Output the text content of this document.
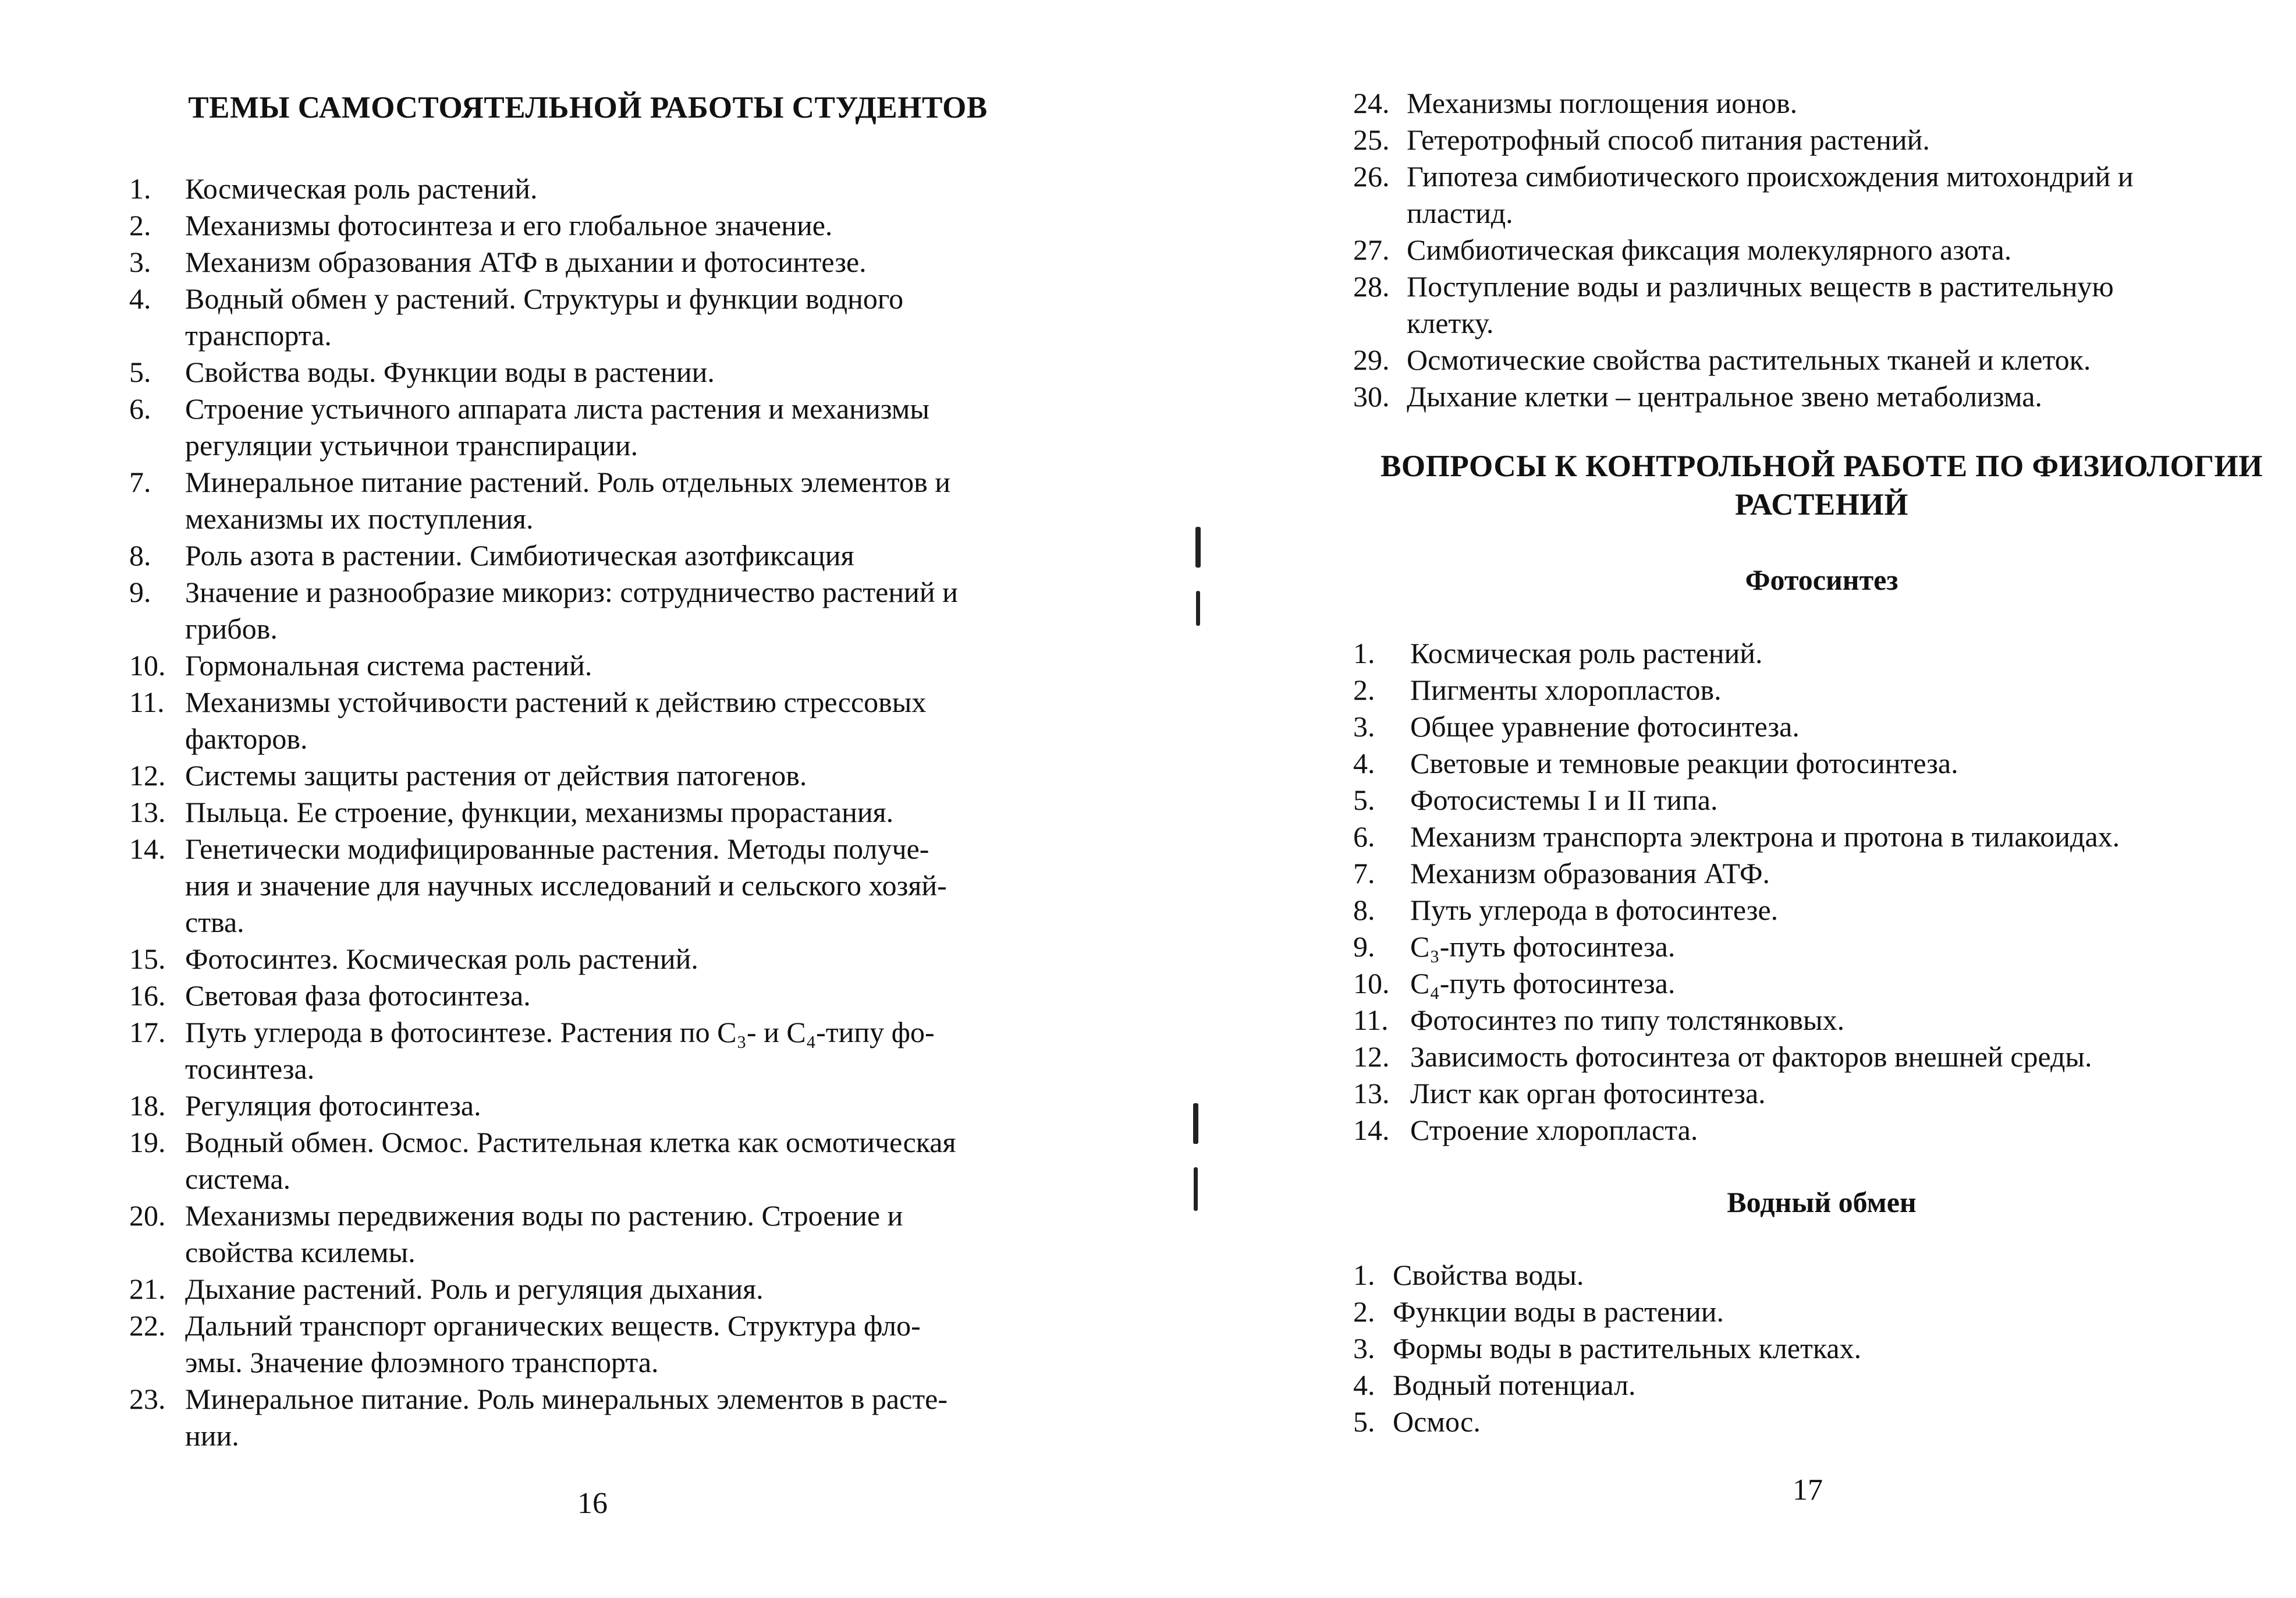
ТЕМЫ САМОСТОЯТЕЛЬНОЙ РАБОТЫ СТУДЕНТОВ
1. Космическая роль растений.
2. Механизмы фотосинтеза и его глобальное значение.
3. Механизм образования АТФ в дыхании и фотосинтезе.
4. Водный обмен у растений. Структуры и функции водного
транспорта.
5. Свойства воды. Функции воды в растении.
6. Строение устьичного аппарата листа растения и механизмы
регуляции устьичнои транспирации.
7. Минеральное питание растений. Роль отдельных элементов и
механизмы их поступления.
8. Роль азота в растении. Симбиотическая азотфиксация
9. Значение и разнообразие микориз: сотрудничество растений и
грибов.
10. Гормональная система растений.
11. Механизмы устойчивости растений к действию стрессовых
факторов.
12. Системы защиты растения от действия патогенов.
13. Пыльца. Ее строение, функции, механизмы прорастания.
14. Генетически модифицированные растения. Методы получе-
ния и значение для научных исследований и сельского хозяй-
ства.
15. Фотосинтез. Космическая роль растений.
16. Световая фаза фотосинтеза.
17. Путь углерода в фотосинтезе. Растения по C₃- и C₄-типу фо-
тосинтеза.
18. Регуляция фотосинтеза.
19. Водный обмен. Осмос. Растительная клетка как осмотическая
система.
20. Механизмы передвижения воды по растению. Строение и
свойства ксилемы.
21. Дыхание растений. Роль и регуляция дыхания.
22. Дальний транспорт органических веществ. Структура фло-
эмы. Значение флоэмного транспорта.
23. Минеральное питание. Роль минеральных элементов в расте-
нии.
16
24. Механизмы поглощения ионов.
25. Гетеротрофный способ питания растений.
26. Гипотеза симбиотического происхождения митохондрий и
пластид.
27. Симбиотическая фиксация молекулярного азота.
28. Поступление воды и различных веществ в растительную
клетку.
29. Осмотические свойства растительных тканей и клеток.
30. Дыхание клетки – центральное звено метаболизма.
ВОПРОСЫ К КОНТРОЛЬНОЙ РАБОТЕ ПО ФИЗИОЛОГИИ
РАСТЕНИЙ
Фотосинтез
1. Космическая роль растений.
2. Пигменты хлоропластов.
3. Общее уравнение фотосинтеза.
4. Световые и темновые реакции фотосинтеза.
5. Фотосистемы I и II типа.
6. Механизм транспорта электрона и протона в тилакоидах.
7. Механизм образования АТФ.
8. Путь углерода в фотосинтезе.
9. C₃-путь фотосинтеза.
10. C₄-путь фотосинтеза.
11. Фотосинтез по типу толстянковых.
12. Зависимость фотосинтеза от факторов внешней среды.
13. Лист как орган фотосинтеза.
14. Строение хлоропласта.
Водный обмен
1. Свойства воды.
2. Функции воды в растении.
3. Формы воды в растительных клетках.
4. Водный потенциал.
5. Осмос.
17
